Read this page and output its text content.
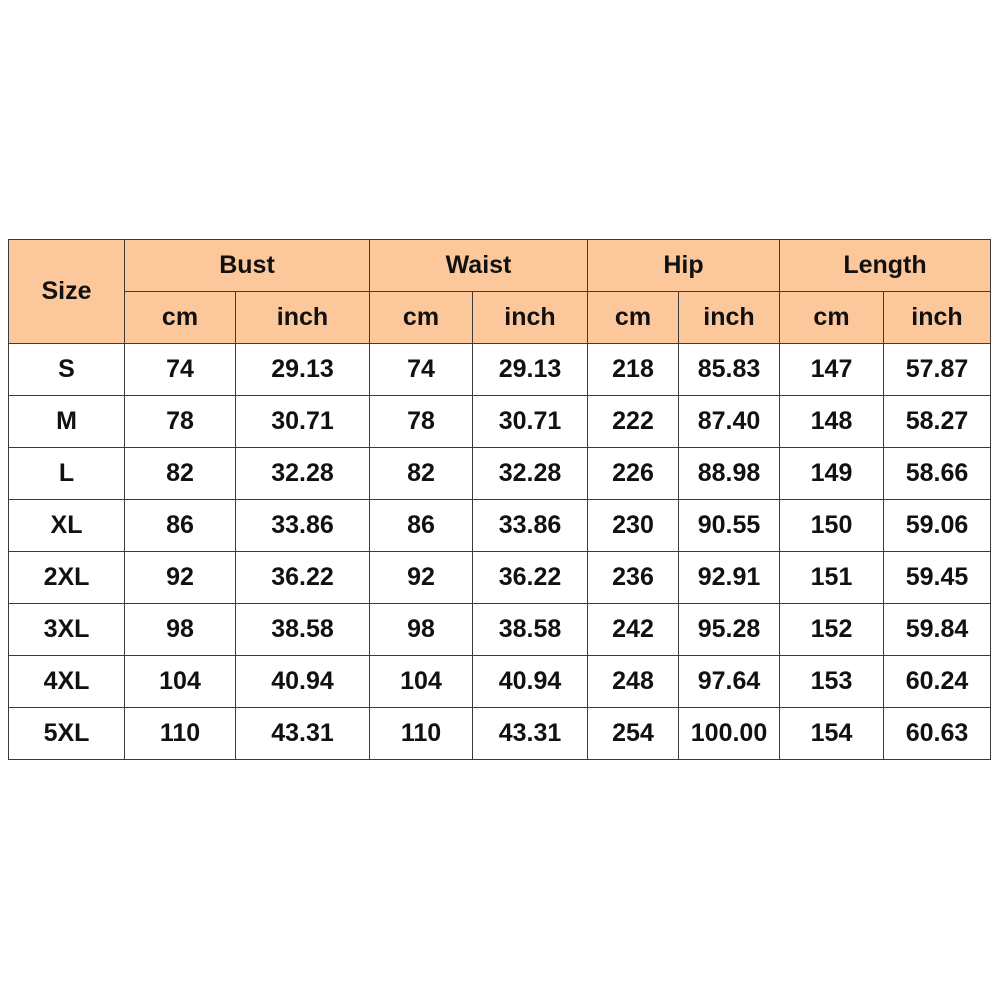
Size	Bust		Waist		Hip		Length	
	cm	inch	cm	inch	cm	inch	cm	inch
S	74	29.13	74	29.13	218	85.83	147	57.87
M	78	30.71	78	30.71	222	87.40	148	58.27
L	82	32.28	82	32.28	226	88.98	149	58.66
XL	86	33.86	86	33.86	230	90.55	150	59.06
2XL	92	36.22	92	36.22	236	92.91	151	59.45
3XL	98	38.58	98	38.58	242	95.28	152	59.84
4XL	104	40.94	104	40.94	248	97.64	153	60.24
5XL	110	43.31	110	43.31	254	100.00	154	60.63
